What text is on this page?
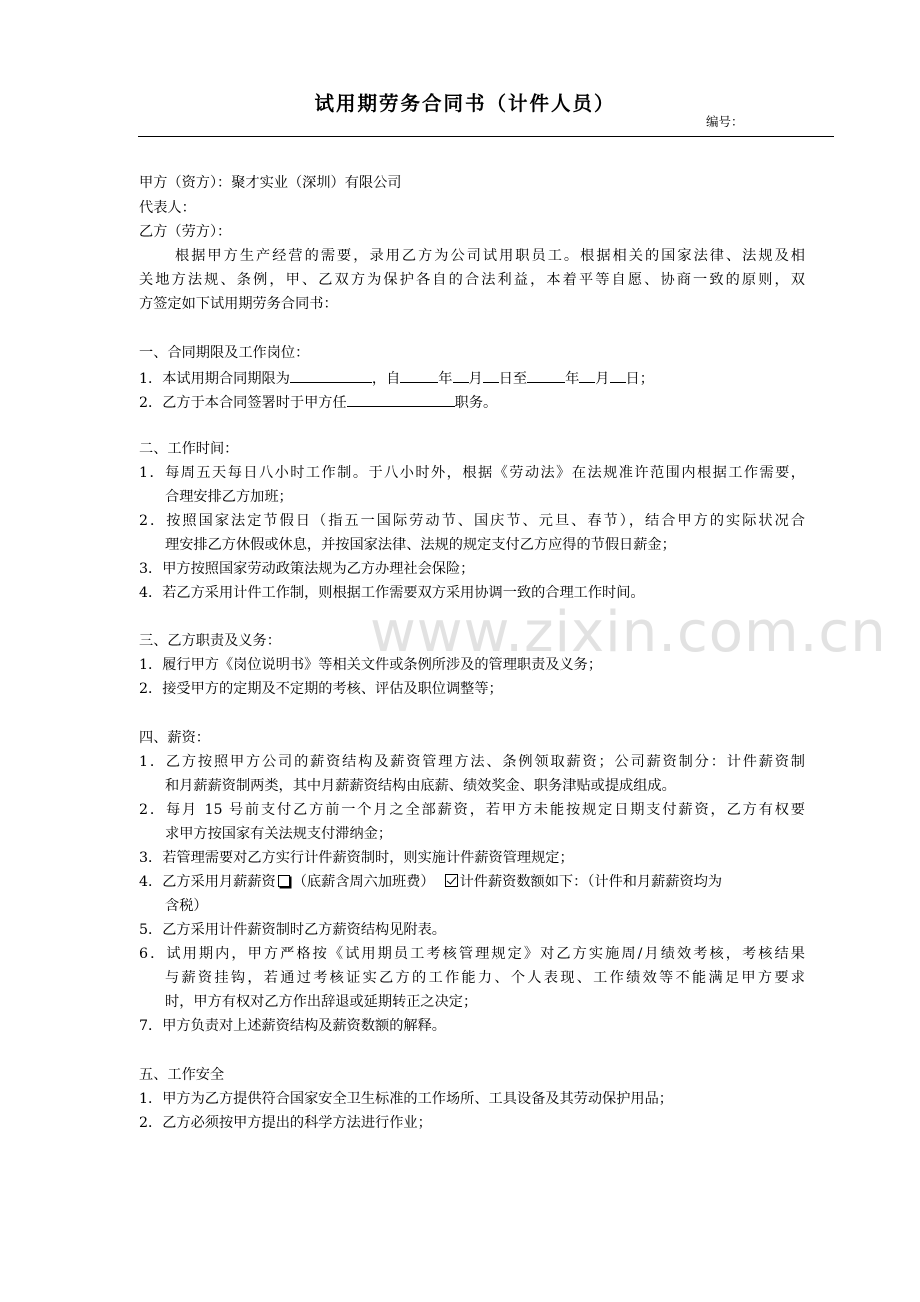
www.zixin.com.cn
试用期劳务合同书（计件人员）
编号：
甲方（资方）：聚才实业（深圳）有限公司
代表人：
乙方（劳方）：
根据甲方生产经营的需要，录用乙方为公司试用职员工。根据相关的国家法律、法规及相
关地方法规、条例，甲、乙双方为保护各自的合法利益，本着平等自愿、协商一致的原则，双
方签定如下试用期劳务合同书：
一、合同期限及工作岗位：
1．本试用期合同期限为	，自	年 月 日至	年 月 日；
2．乙方于本合同签署时于甲方任	职务。
二、工作时间：
1．每周五天每日八小时工作制。于八小时外，根据《劳动法》在法规准许范围内根据工作需要，
合理安排乙方加班；
2．按照国家法定节假日（指五一国际劳动节、国庆节、元旦、春节），结合甲方的实际状况合
理安排乙方休假或休息，并按国家法律、法规的规定支付乙方应得的节假日薪金；
3．甲方按照国家劳动政策法规为乙方办理社会保险；
4．若乙方采用计件工作制，则根据工作需要双方采用协调一致的合理工作时间。
三、乙方职责及义务：
1．履行甲方《岗位说明书》等相关文件或条例所涉及的管理职责及义务；
2．接受甲方的定期及不定期的考核、评估及职位调整等；
四、薪资：
1．乙方按照甲方公司的薪资结构及薪资管理方法、条例领取薪资；公司薪资制分：计件薪资制
和月薪薪资制两类，其中月薪薪资结构由底薪、绩效奖金、职务津贴或提成组成。
2．每月 15 号前支付乙方前一个月之全部薪资，若甲方未能按规定日期支付薪资，乙方有权要
求甲方按国家有关法规支付滞纳金；
3．若管理需要对乙方实行计件薪资制时，则实施计件薪资管理规定；
4．乙方采用月薪薪资 （底薪含周六加班费） 计件薪资数额如下：（计件和月薪薪资均为
含税）
5．乙方采用计件薪资制时乙方薪资结构见附表。
6．试用期内，甲方严格按《试用期员工考核管理规定》对乙方实施周/月绩效考核，考核结果
与薪资挂钩，若通过考核证实乙方的工作能力、个人表现、工作绩效等不能满足甲方要求
时，甲方有权对乙方作出辞退或延期转正之决定；
7．甲方负责对上述薪资结构及薪资数额的解释。
五、工作安全
1．甲方为乙方提供符合国家安全卫生标准的工作场所、工具设备及其劳动保护用品；
2．乙方必须按甲方提出的科学方法进行作业；
